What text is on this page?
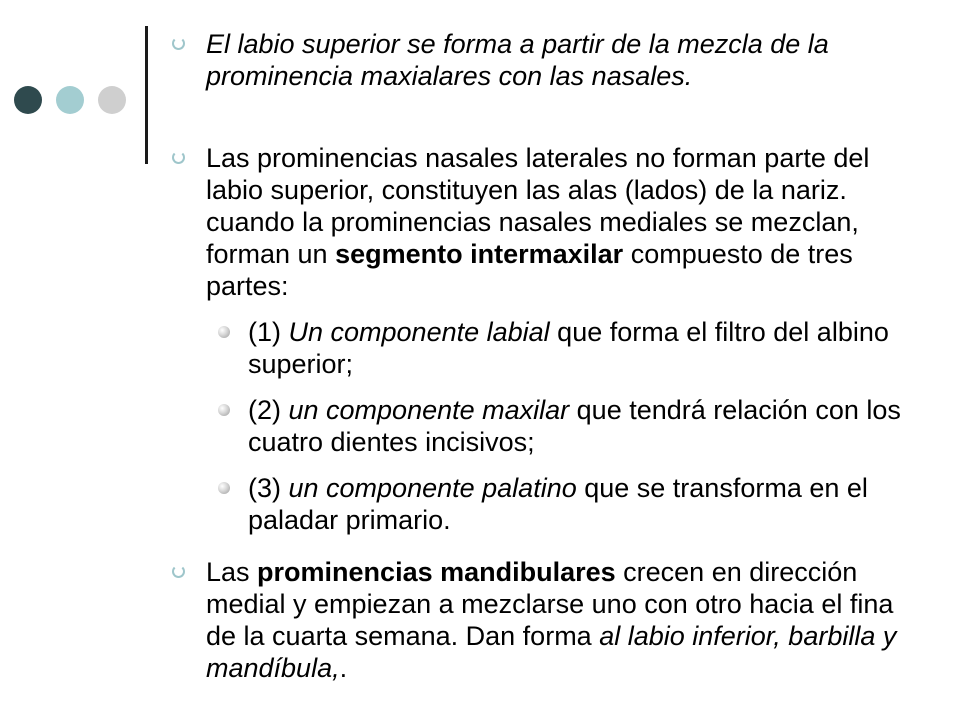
El labio superior se forma a partir de la mezcla de la prominencia maxialares con las nasales.
Las prominencias nasales laterales no forman parte del labio superior, constituyen las alas (lados) de la nariz. cuando la prominencias nasales mediales se mezclan, forman un segmento intermaxilar compuesto de tres partes:
(1) Un componente labial que forma el filtro del albino superior;
(2) un componente maxilar que tendrá relación con los cuatro dientes incisivos;
(3) un componente palatino que se transforma en el paladar primario.
Las prominencias mandibulares crecen en dirección medial y empiezan a mezclarse uno con otro hacia el fina de la cuarta semana. Dan forma al labio inferior, barbilla y mandíbula,.
